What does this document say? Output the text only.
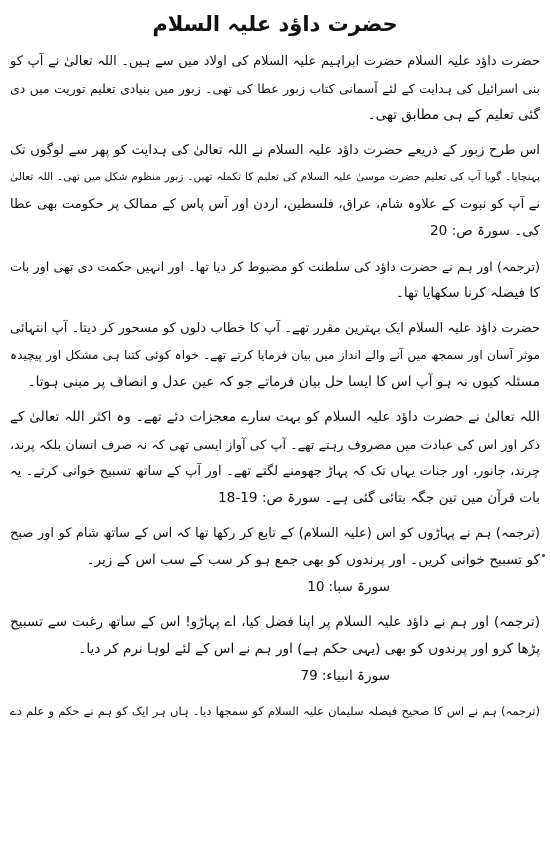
حضرت داؤد علیہ السلام
حضرت داؤد علیہ السلام حضرت ابراہیم علیہ السلام کی اولاد میں سے ہیں۔ اللہ تعالیٰ نے آپ کو
بنی اسرائیل کی ہدایت کے لئے آسمانی کتاب زبور عطا کی تھی۔ زبور میں بنیادی تعلیم توریت میں دی
گئی تعلیم کے ہی مطابق تھی۔
اس طرح زبور کے ذریعے حضرت داؤد علیہ السلام نے اللہ تعالیٰ کی ہدایت کو پھر سے لوگوں تک
پہنچایا۔ گویا آپ کی تعلیم حضرت موسیٰ علیہ السلام کی تعلیم کا تکملہ تھیں۔ زبور منظوم شکل میں تھی۔ اللہ تعالیٰ
نے آپ کو نبوت کے علاوہ شام، عراق، فلسطین، اردن اور آس پاس کے ممالک پر حکومت بھی عطا
کی۔ سورۃ ص: 20
(ترجمہ) اور ہم نے حضرت داؤد کی سلطنت کو مضبوط کر دیا تھا۔ اور انہیں حکمت دی تھی اور بات
کا فیصلہ کرنا سکھایا تھا۔
حضرت داؤد علیہ السلام ایک بہترین مقرر تھے۔ آپ کا خطاب دلوں کو مسحور کر دیتا۔ آپ انتہائی
موثر آسان اور سمجھ میں آنے والے انداز میں بیان فرمایا کرتے تھے۔ خواہ کوئی کتنا ہی مشکل اور پیچیدہ
مسئلہ کیوں نہ ہو آپ اس کا ایسا حل بیان فرماتے جو کہ عین عدل و انصاف پر مبنی ہوتا۔
اللہ تعالیٰ نے حضرت داؤد علیہ السلام کو بہت سارے معجزات دئے تھے۔ وہ اکثر اللہ تعالیٰ کے
ذکر اور اس کی عبادت میں مصروف رہتے تھے۔ آپ کی آواز ایسی تھی کہ نہ صرف انسان بلکہ پرند،
چرند، جانور، اور جنات یہاں تک کہ پہاڑ جھومنے لگتے تھے۔ اور آپ کے ساتھ تسبیح خوانی کرتے۔ یہ
بات قرآن میں تین جگہ بتائی گئی ہے۔ سورۃ ص: 19-18
(ترجمہ) ہم نے پہاڑوں کو اس (علیہ السلام) کے تابع کر رکھا تھا کہ اس کے ساتھ شام کو اور صبح
کو تسبیح خوانی کریں۔ اور پرندوں کو بھی جمع ہو کر سب کے سب اس کے زیر۔
سورۃ سبا:10
(ترجمہ) اور ہم نے داؤد علیہ السلام پر اپنا فضل کیا، اے پہاڑو! اس کے ساتھ رغبت سے تسبیح
پڑھا کرو اور پرندوں کو بھی (یہی حکم ہے) اور ہم نے اس کے لئے لوہا نرم کر دیا۔
سورۃ انبیاء:79
(ترجمہ) ہم نے اس کا صحیح فیصلہ سلیمان علیہ السلام کو سمجھا دیا۔ ہاں ہر ایک کو ہم نے حکم و علم دے
